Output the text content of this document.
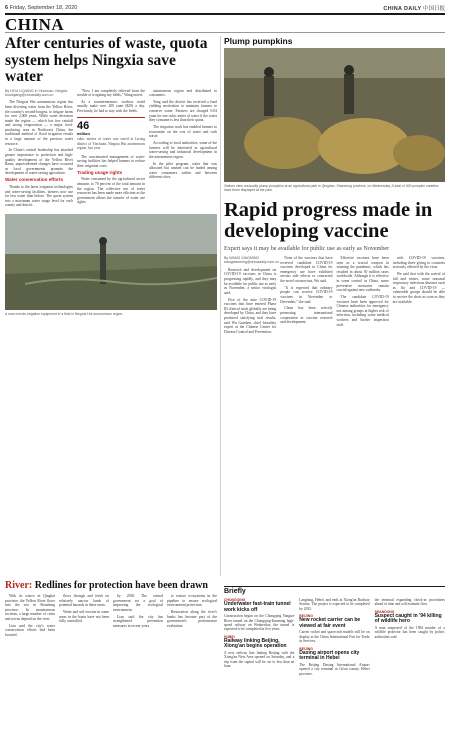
6 Friday, September 18, 2020	CHINA DAILY 中国日报
CHINA
After centuries of waste, quota system helps Ningxia save water
By HOU LIQIANG in Yinchuan, Ningxia
houliqiang@chinadaily.com.cn

The Ningxia Hui autonomous region has been diverting water from the Yellow River, the country's second-longest, to irrigate farms for over 2,000 years. While water diversion made the region — which has few rainfall and strong evaporation — a major food-producing area in Northwest China, the traditional method of flood irrigation results in a large amount of the precious water resource.

In China's central leadership has attached greater importance to protection and high-quality development of the Yellow River Basin, unprecedented changes have occurred as local governments promote the development of water-saving agriculture.

Water conservation efforts

Thanks to the latest irrigation technologies and water-saving facilities, farmers now use far less water than before. The quota system sets a maximum water usage level for each county and district.

"Now, I am completely relieved from the trouble of irrigating my fields," Wang noted.

As a countermeasure, workers could usually make over 200 yuan ($29) a day. Previously, he had to stay with the fields.

46
million
cubic meters of water was saved in Lirong district of Yinchuan, Ningxia Hui autonomous region, last year.

The concentrated management of water-saving facilities has helped farmers to reduce their irrigation costs.

Trading usage rights

Water consumed by the agricultural sector amounts to 70 percent of the total amount in the region. The collective use of water resources has been made more efficient as the government allows the transfer of water use rights.

autonomous region and distributed to consumers.

Yang said the district has received a fund yielding motivation to maintain farmers to conserve water. Farmers are charged 0.04 yuan for one cubic meter of water if the water they consume is less than their quota.

The irrigation work has enabled farmers to economize on the cost of water and curb waste.

According to local authorities, some of the farmers will be interested in agricultural water-saving and industrial development in the autonomous region.

In the pilot program, water that was allocated but unused can be traded among water consumers within and between different cities.

A man checks irrigation equipment in a field in Ningxia Hui autonomous region.
Plump pumpkins
Visitors view unusually plump pumpkins at an agricultural park in Qingdao, Shandong province, on Wednesday. A total of 400 pumpkin varieties have been displayed at the park.
Rapid progress made in developing vaccine
Expert says it may be available for public use as early as November
By WANG XIAOMING
wangxiaoming@chinadaily.com.cn

Research and development on COVID-19 vaccines in China is progressing rapidly, and they may be available for public use as early as November, a senior virologist said.

Five of the nine COVID-19 vaccines that have entered Phase III clinical trials globally are being developed by China, and they have produced satisfying trial results, said Wu Guizhen, chief biosafety expert at the Chinese Center for Disease Control and Prevention.

None of the vaccines that have received candidate COVID-19 vaccines developed in China for emergency use have exhibited serious side effects or contracted the novel coronavirus, Wu said.

"It is expected that ordinary people can receive COVID-19 vaccines in November or December," she said.

China has been actively promoting international cooperation in vaccine research and development.

Effective vaccines have been seen as a crucial weapon in winning the pandemic, which has resulted in about 30 million cases worldwide. Although it is effective in some control in China, some preventive measures remain crucial against new outbreaks.

The candidate COVID-19 vaccines have been approved for Chinese authorities for emergency use among groups at higher risk of infection, including some medical workers and border inspection staff.

with COVID-19 vaccines, including three giving to countries seriously affected by the virus.

We said that with the arrival of fall and winter, some seasonal respiratory infectious diseases such as flu and COVID-19 — vulnerable groups should be able to receive the shots as soon as they are available.

River: Redlines for protection have been drawn

With its source in Qinghai province, the Yellow River flows into the sea in Shandong province. In mountainous sections, a large number of cities and towns depend on the river.

Lian said the city's water conservation efforts had been boosted.

flows through and feeds on relatively narrow lands of potential hazards in these areas.

Water and soil erosion in some areas in the basin have not been fully controlled.

by 2030. The central government set a goal of improving the ecological environment.

Lian said the city has strengthened prevention measures in recent years.

to restore ecosystems in the pipeline to ensure ecological environment protection.

Restoration along the river's banks has become part of the government's performance evaluation.

Briefly
CHONGQING
Underwater fast-train tunnel work kicks off
Construction began on the Chongqing Yangtze River tunnel on the Chongqing-Kunming high-speed railway on Wednesday, the tunnel is expected to be completed in five years.
HUBEI
Railway linking Beijing, Xiong'an begins operation
A new railway line linking Beijing with the Xiong'an New Area opened on Saturday, and a trip from the capital will be cut to less than an hour.
Langfang, Hebei, and ends at Xiong'an Railway Station. The project is expected to be completed by 2035.
BEIJING
New rocket carrier can be viewed at fair event
Carrier rocket and spacecraft models will be on display at the China International Fair for Trade in Services.
BEIJING
Daxing airport opens city terminal in Hebei
The Beijing Daxing International Airport opened a city terminal in Gu'an county, Hebei province.
the terminal expanding check-in procedures ahead of time and will estimate flow.
SHANDONG
Suspect caught in '94 killing of wildlife hero
A man suspected of the 1994 murder of a wildlife protector has been caught by police, authorities said.
